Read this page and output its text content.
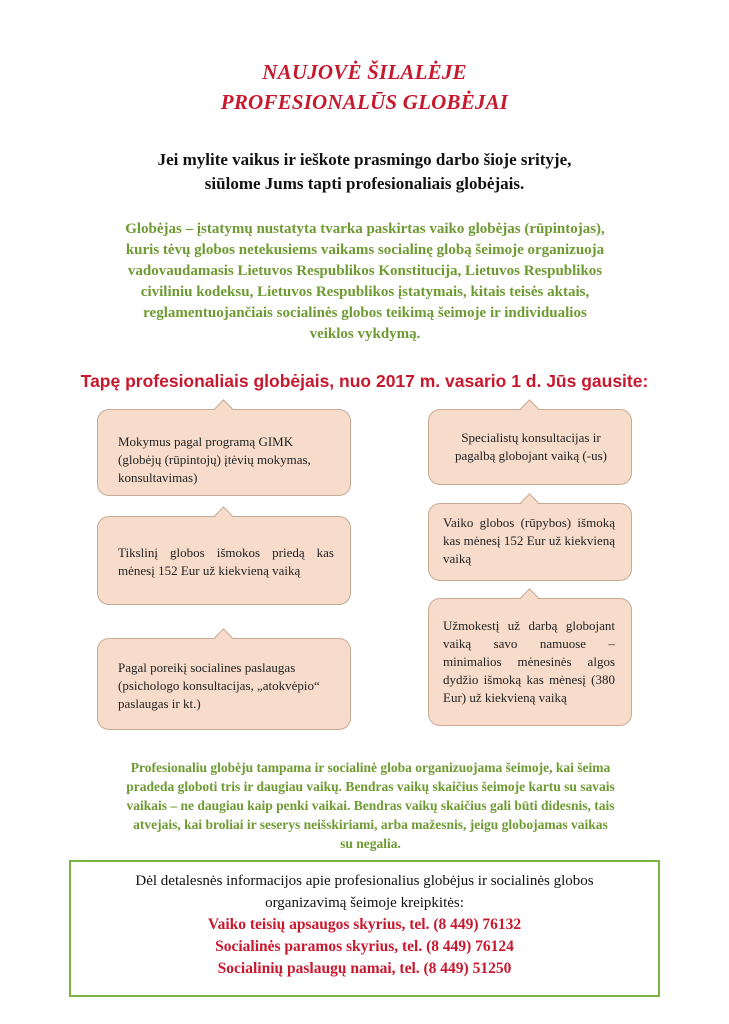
NAUJOVĖ ŠILALĖJE
PROFESIONALŪS GLOBĖJAI
Jei mylite vaikus ir ieškote prasmingo darbo šioje srityje,
siūlome Jums tapti profesionaliais globėjais.
Globėjas – įstatymų nustatyta tvarka paskirtas vaiko globėjas (rūpintojas),
kuris tėvų globos netekusiems vaikams socialinę globą šeimoje organizuoja
vadovaudamasis Lietuvos Respublikos Konstitucija, Lietuvos Respublikos
civiliniu kodeksu, Lietuvos Respublikos įstatymais, kitais teisės aktais,
reglamentuojančiais socialinės globos teikimą šeimoje ir individualios
veiklos vykdymą.
Tapę profesionaliais globėjais, nuo 2017 m. vasario 1 d. Jūs gausite:
Mokymus pagal programą GIMK (globėjų (rūpintojų) įtėvių mokymas, konsultavimas)
Tikslinį globos išmokos priedą kas mėnesį 152 Eur už kiekvieną vaiką
Pagal poreikį socialines paslaugas (psichologo konsultacijas, „atokvėpio“ paslaugas ir kt.)
Specialistų konsultacijas ir pagalbą globojant vaiką (-us)
Vaiko globos (rūpybos) išmoką kas mėnesį 152 Eur už kiekvieną vaiką
Užmokestį už darbą globojant vaiką savo namuose – minimalios mėnesinės algos dydžio išmoką kas mėnesį (380 Eur) už kiekvieną vaiką
Profesionaliu globėju tampama ir socialinė globa organizuojama šeimoje, kai šeima
pradeda globoti tris ir daugiau vaikų. Bendras vaikų skaičius šeimoje kartu su savais
vaikais – ne daugiau kaip penki vaikai. Bendras vaikų skaičius gali būti didesnis, tais
atvejais, kai broliai ir seserys neišskiriami, arba mažesnis, jeigu globojamas vaikas
su negalia.
Dėl detalesnės informacijos apie profesionalius globėjus ir socialinės globos
organizavimą šeimoje kreipkitės:
Vaiko teisių apsaugos skyrius, tel. (8 449) 76132
Socialinės paramos skyrius, tel. (8 449) 76124
Socialinių paslaugų namai, tel. (8 449) 51250
